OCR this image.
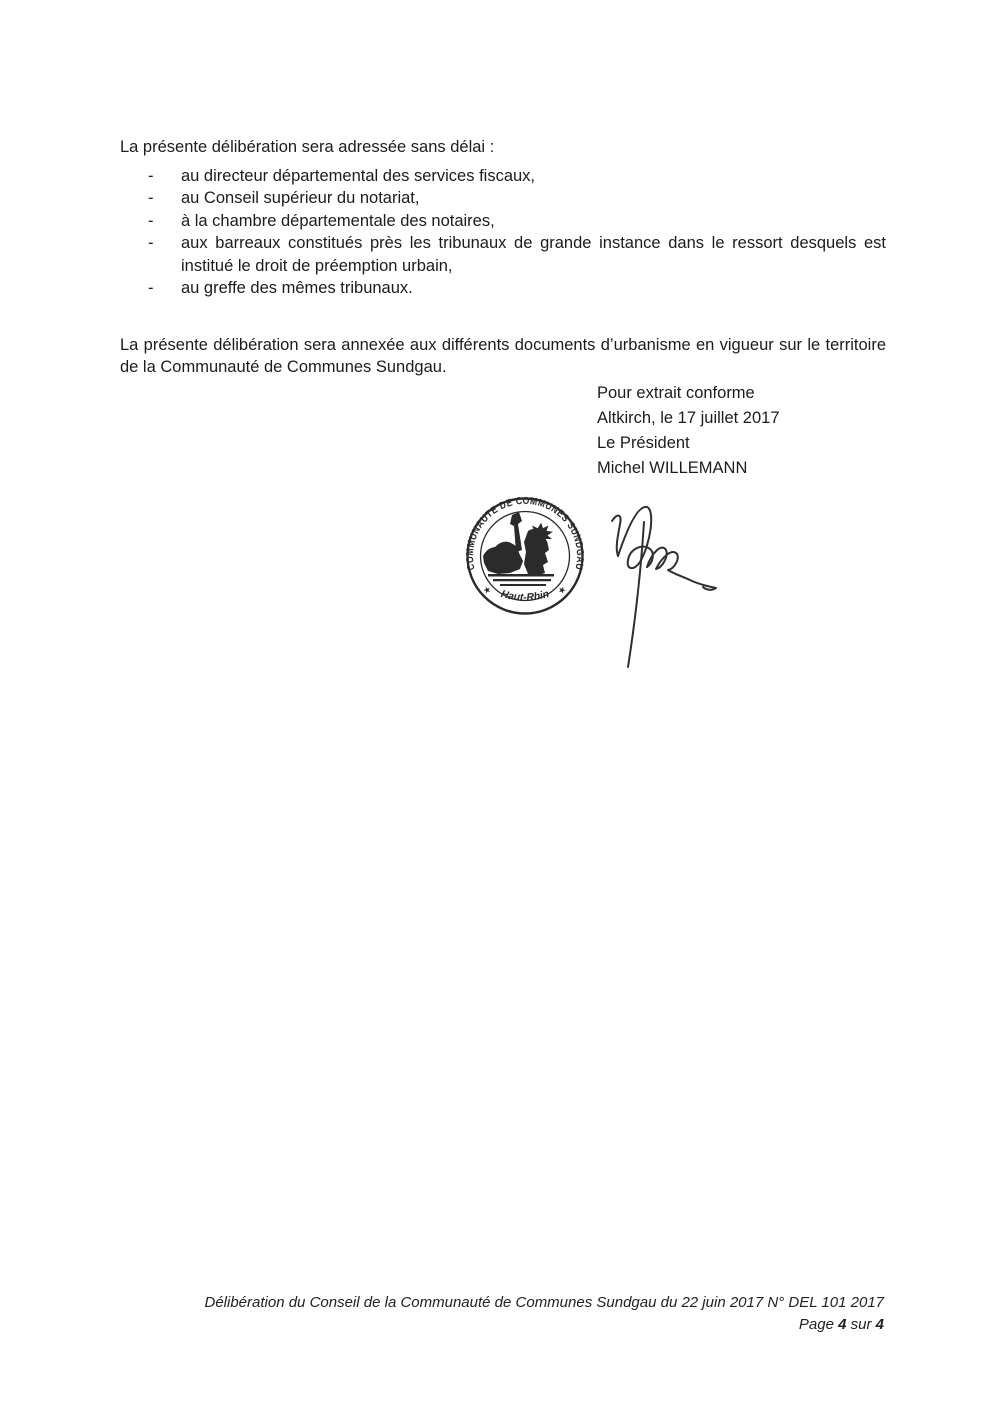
La présente délibération sera adressée sans délai :

-	au directeur départemental des services fiscaux,
-	au Conseil supérieur du notariat,
-	à la chambre départementale des notaires,
-	aux barreaux constitués près les tribunaux de grande instance dans le ressort desquels est institué le droit de préemption urbain,
-	au greffe des mêmes tribunaux.

La présente délibération sera annexée aux différents documents d’urbanisme en vigueur sur le territoire de la Communauté de Communes Sundgau.

Pour extrait conforme
Altkirch, le 17 juillet 2017
Le Président
Michel WILLEMANN
COMMUNAUTE DE COMMUNES SUNDGAU
Haut-Rhin
★	★
Délibération du Conseil de la Communauté de Communes Sundgau du 22 juin 2017 N° DEL 101 2017
Page 4 sur 4
